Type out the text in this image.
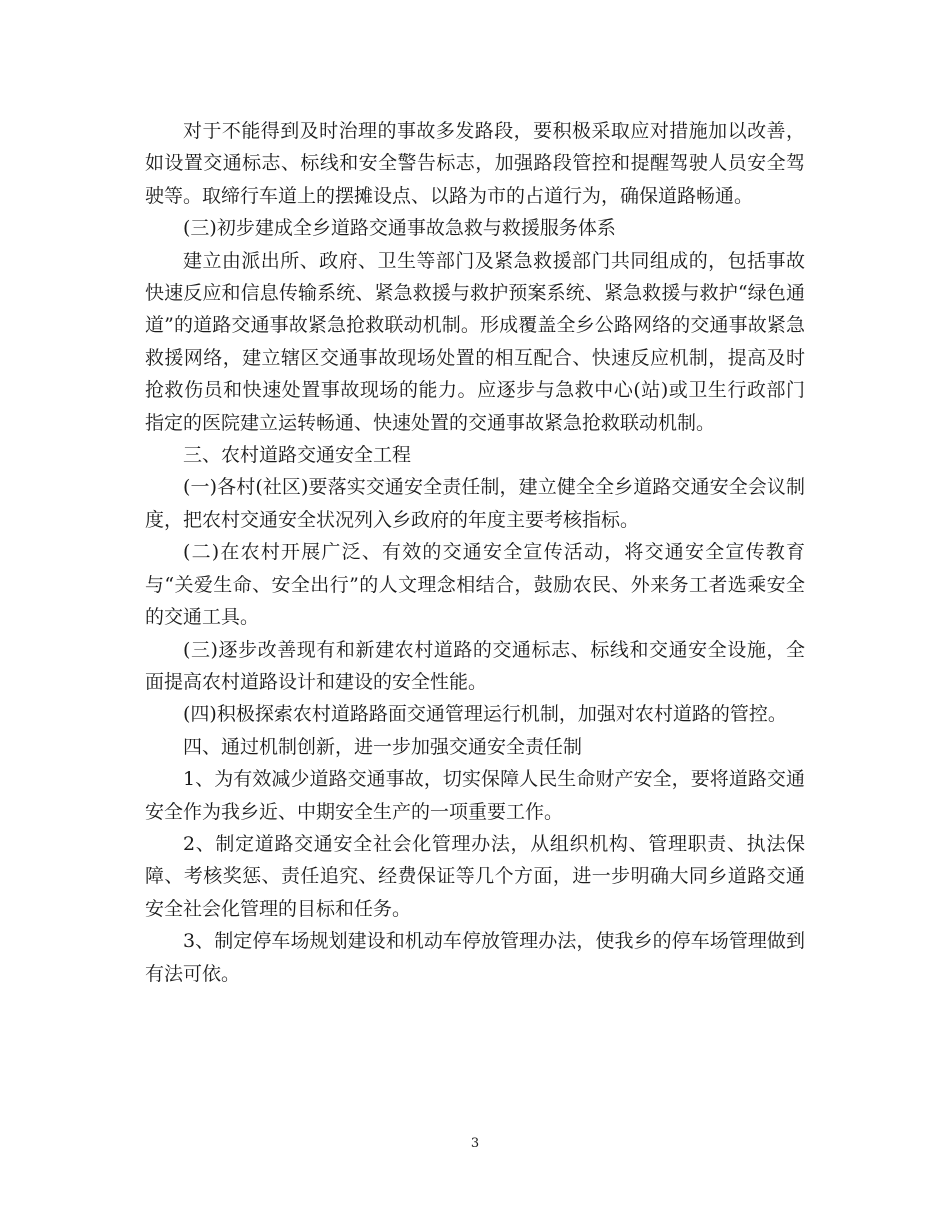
对于不能得到及时治理的事故多发路段，要积极采取应对措施加以改善，如设置交通标志、标线和安全警告标志，加强路段管控和提醒驾驶人员安全驾驶等。取缔行车道上的摆摊设点、以路为市的占道行为，确保道路畅通。

(三)初步建成全乡道路交通事故急救与救援服务体系

建立由派出所、政府、卫生等部门及紧急救援部门共同组成的，包括事故快速反应和信息传输系统、紧急救援与救护预案系统、紧急救援与救护“绿色通道”的道路交通事故紧急抢救联动机制。形成覆盖全乡公路网络的交通事故紧急救援网络，建立辖区交通事故现场处置的相互配合、快速反应机制，提高及时抢救伤员和快速处置事故现场的能力。应逐步与急救中心(站)或卫生行政部门指定的医院建立运转畅通、快速处置的交通事故紧急抢救联动机制。

三、农村道路交通安全工程

(一)各村(社区)要落实交通安全责任制，建立健全全乡道路交通安全会议制度，把农村交通安全状况列入乡政府的年度主要考核指标。

(二)在农村开展广泛、有效的交通安全宣传活动，将交通安全宣传教育与“关爱生命、安全出行”的人文理念相结合，鼓励农民、外来务工者选乘安全的交通工具。

(三)逐步改善现有和新建农村道路的交通标志、标线和交通安全设施，全面提高农村道路设计和建设的安全性能。

(四)积极探索农村道路路面交通管理运行机制，加强对农村道路的管控。

四、通过机制创新，进一步加强交通安全责任制

1、为有效减少道路交通事故，切实保障人民生命财产安全，要将道路交通安全作为我乡近、中期安全生产的一项重要工作。

2、制定道路交通安全社会化管理办法，从组织机构、管理职责、执法保障、考核奖惩、责任追究、经费保证等几个方面，进一步明确大同乡道路交通安全社会化管理的目标和任务。

3、制定停车场规划建设和机动车停放管理办法，使我乡的停车场管理做到有法可依。

3
